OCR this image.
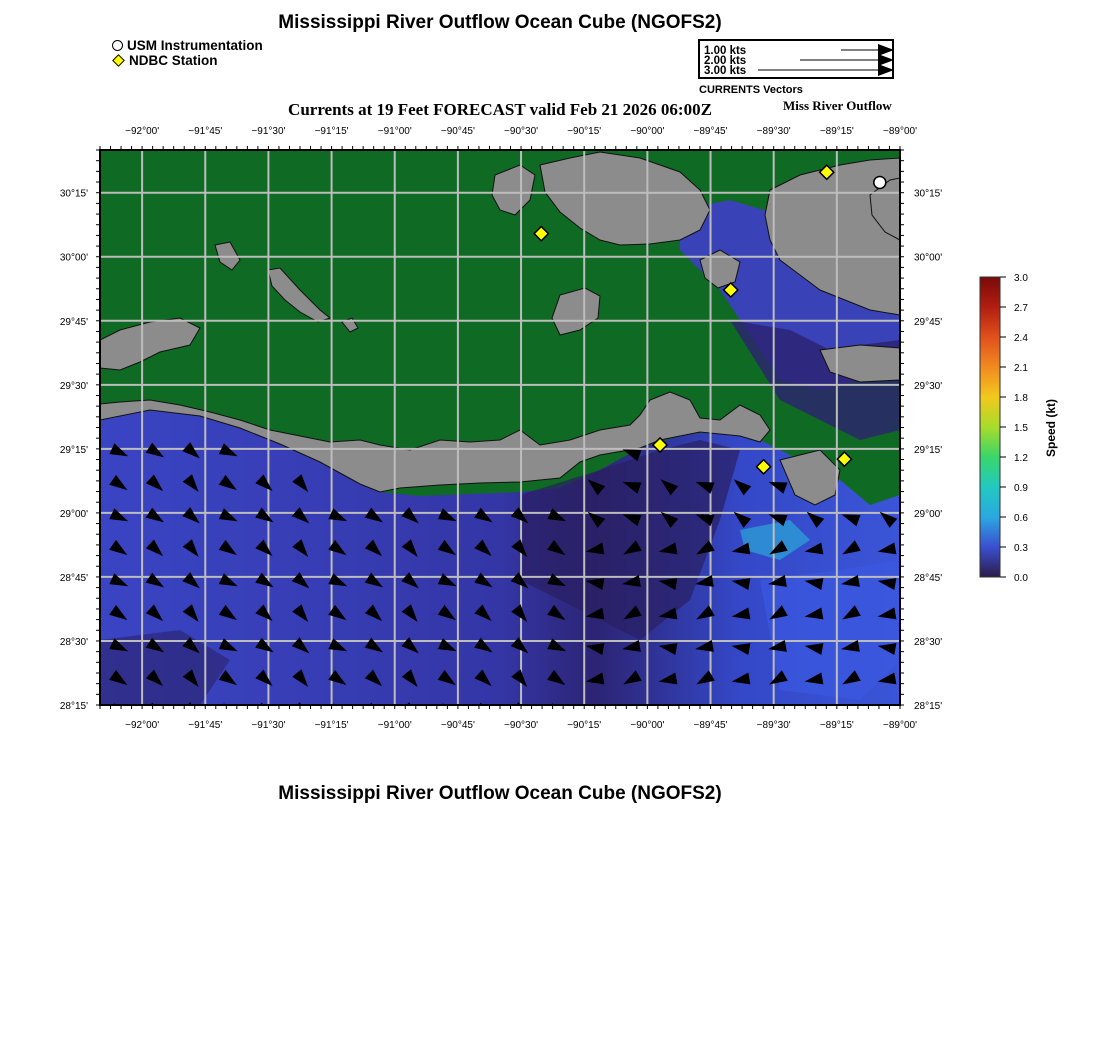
Mississippi River Outflow Ocean Cube (NGOFS2)
USM Instrumentation
NDBC Station
1.00 kts
2.00 kts
3.00 kts
CURRENTS Vectors
Currents at 19 Feet FORECAST valid Feb 21 2026 06:00Z	Miss River Outflow
−92°00'
−92°00'
−91°45'
−91°45'
−91°30'
−91°30'
−91°15'
−91°15'
−91°00'
−91°00'
−90°45'
−90°45'
−90°30'
−90°30'
−90°15'
−90°15'
−90°00'
−90°00'
−89°45'
−89°45'
−89°30'
−89°30'
−89°15'
−89°15'
−89°00'
−89°00'
30°15'	30°15'
30°00'	30°00'
29°45'	29°45'
29°30'	29°30'
29°15'	29°15'
29°00'	29°00'
28°45'	28°45'
28°30'	28°30'
28°15'	28°15'
3.0
2.7
2.4
2.1
1.8
1.5
1.2
0.9
0.6
0.3
0.0
Speed (kt)
Mississippi River Outflow Ocean Cube (NGOFS2)
